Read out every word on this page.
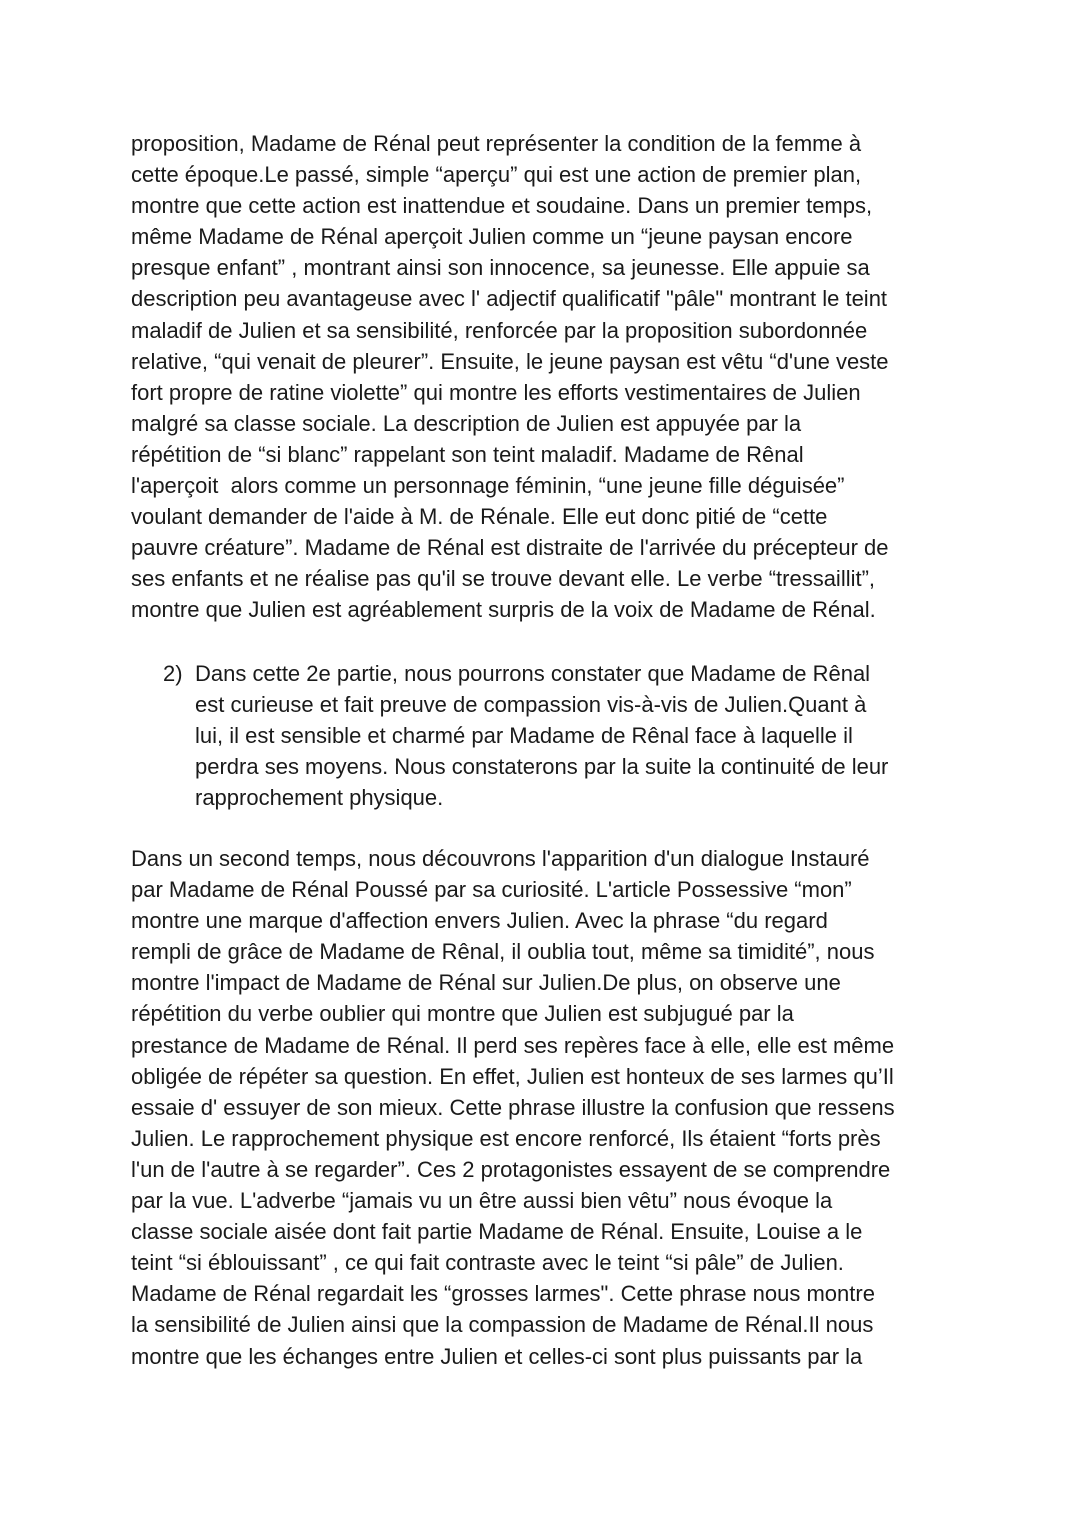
proposition, Madame de Rénal peut représenter la condition de la femme à
cette époque.Le passé, simple “aperçu” qui est une action de premier plan,
montre que cette action est inattendue et soudaine. Dans un premier temps,
même Madame de Rénal aperçoit Julien comme un “jeune paysan encore
presque enfant” , montrant ainsi son innocence, sa jeunesse. Elle appuie sa
description peu avantageuse avec l' adjectif qualificatif "pâle" montrant le teint
maladif de Julien et sa sensibilité, renforcée par la proposition subordonnée
relative, “qui venait de pleurer”. Ensuite, le jeune paysan est vêtu “d'une veste
fort propre de ratine violette” qui montre les efforts vestimentaires de Julien
malgré sa classe sociale. La description de Julien est appuyée par la
répétition de “si blanc” rappelant son teint maladif. Madame de Rênal
l'aperçoit  alors comme un personnage féminin, “une jeune fille déguisée”
voulant demander de l'aide à M. de Rénale. Elle eut donc pitié de “cette
pauvre créature”. Madame de Rénal est distraite de l'arrivée du précepteur de
ses enfants et ne réalise pas qu'il se trouve devant elle. Le verbe “tressaillit”,
montre que Julien est agréablement surpris de la voix de Madame de Rénal.
2) Dans cette 2e partie, nous pourrons constater que Madame de Rênal
est curieuse et fait preuve de compassion vis-à-vis de Julien.Quant à
lui, il est sensible et charmé par Madame de Rênal face à laquelle il
perdra ses moyens. Nous constaterons par la suite la continuité de leur
rapprochement physique.
Dans un second temps, nous découvrons l'apparition d'un dialogue Instauré
par Madame de Rénal Poussé par sa curiosité. L'article Possessive “mon”
montre une marque d'affection envers Julien. Avec la phrase “du regard
rempli de grâce de Madame de Rênal, il oublia tout, même sa timidité”, nous
montre l'impact de Madame de Rénal sur Julien.De plus, on observe une
répétition du verbe oublier qui montre que Julien est subjugué par la
prestance de Madame de Rénal. Il perd ses repères face à elle, elle est même
obligée de répéter sa question. En effet, Julien est honteux de ses larmes qu’Il
essaie d' essuyer de son mieux. Cette phrase illustre la confusion que ressens
Julien. Le rapprochement physique est encore renforcé, Ils étaient “forts près
l'un de l'autre à se regarder”. Ces 2 protagonistes essayent de se comprendre
par la vue. L'adverbe “jamais vu un être aussi bien vêtu” nous évoque la
classe sociale aisée dont fait partie Madame de Rénal. Ensuite, Louise a le
teint “si éblouissant” , ce qui fait contraste avec le teint “si pâle” de Julien.
Madame de Rénal regardait les “grosses larmes". Cette phrase nous montre
la sensibilité de Julien ainsi que la compassion de Madame de Rénal.Il nous
montre que les échanges entre Julien et celles-ci sont plus puissants par la
